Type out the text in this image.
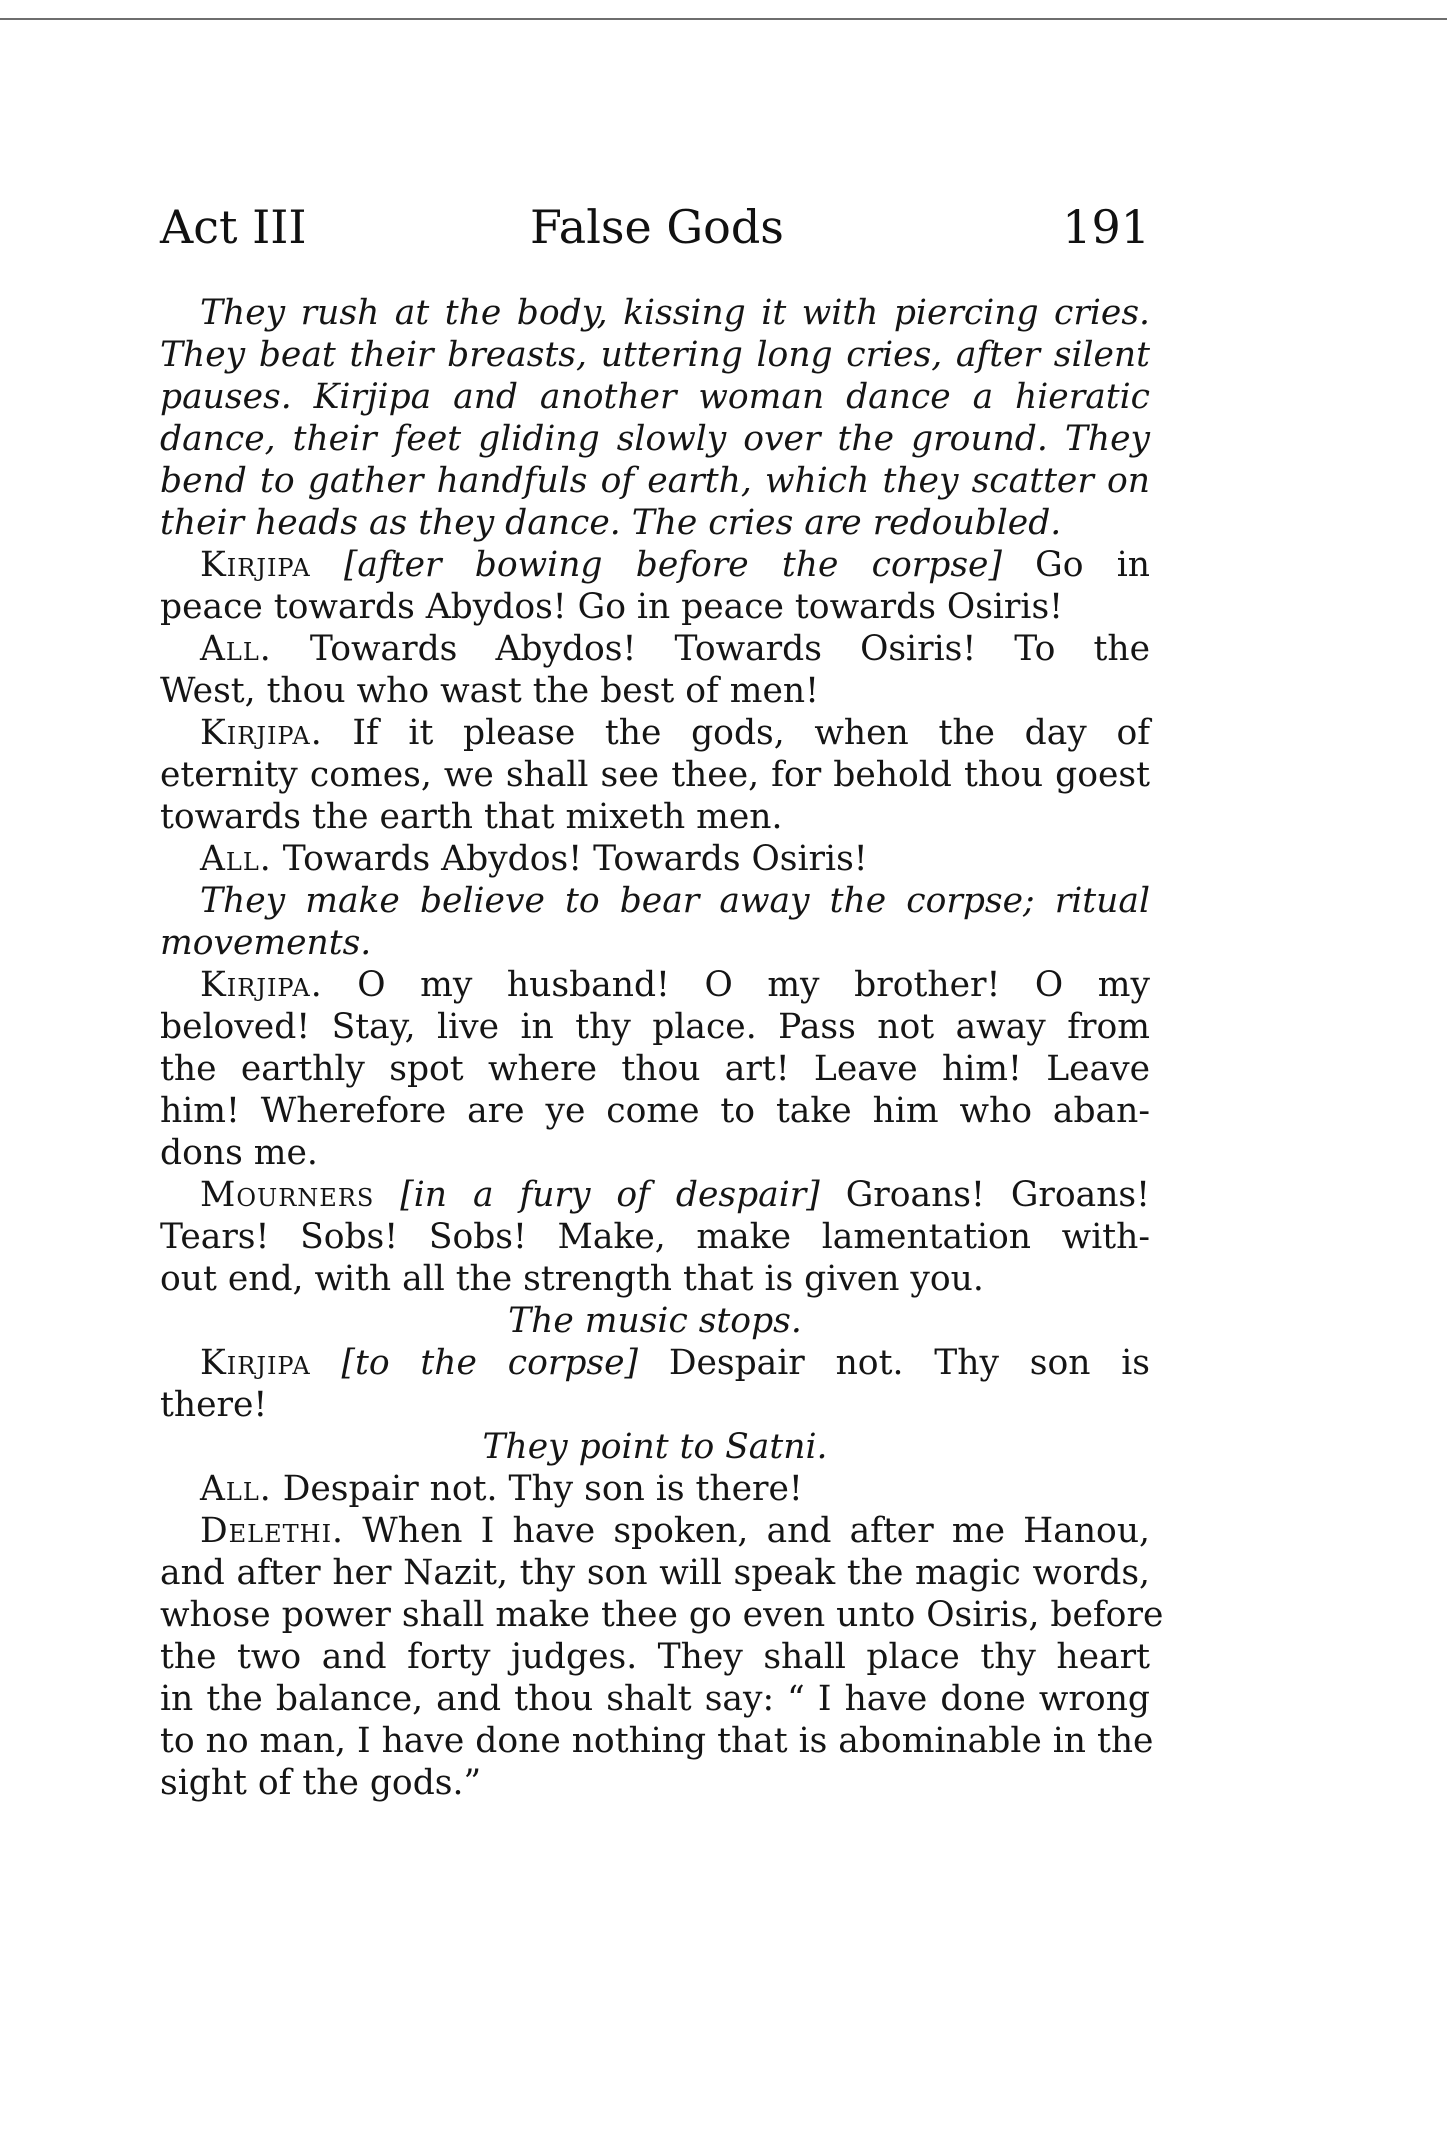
Act III	False Gods	191
They rush at the body, kissing it with piercing cries.
They beat their breasts, uttering long cries, after silent
pauses. Kirjipa and another woman dance a hieratic
dance, their feet gliding slowly over the ground. They
bend to gather handfuls of earth, which they scatter on
their heads as they dance. The cries are redoubled.
Kirjipa [after bowing before the corpse] Go in
peace towards Abydos! Go in peace towards Osiris!
All. Towards Abydos! Towards Osiris! To the
West, thou who wast the best of men!
Kirjipa. If it please the gods, when the day of
eternity comes, we shall see thee, for behold thou goest
towards the earth that mixeth men.
All. Towards Abydos! Towards Osiris!
They make believe to bear away the corpse; ritual
movements.
Kirjipa. O my husband! O my brother! O my
beloved! Stay, live in thy place. Pass not away from
the earthly spot where thou art! Leave him! Leave
him! Wherefore are ye come to take him who aban-
dons me.
Mourners [in a fury of despair] Groans! Groans!
Tears! Sobs! Sobs! Make, make lamentation with-
out end, with all the strength that is given you.
The music stops.
Kirjipa [to the corpse] Despair not. Thy son is
there!
They point to Satni.
All. Despair not. Thy son is there!
Delethi. When I have spoken, and after me Hanou,
and after her Nazit, thy son will speak the magic words,
whose power shall make thee go even unto Osiris, before
the two and forty judges. They shall place thy heart
in the balance, and thou shalt say: “ I have done wrong
to no man, I have done nothing that is abominable in the
sight of the gods.”
